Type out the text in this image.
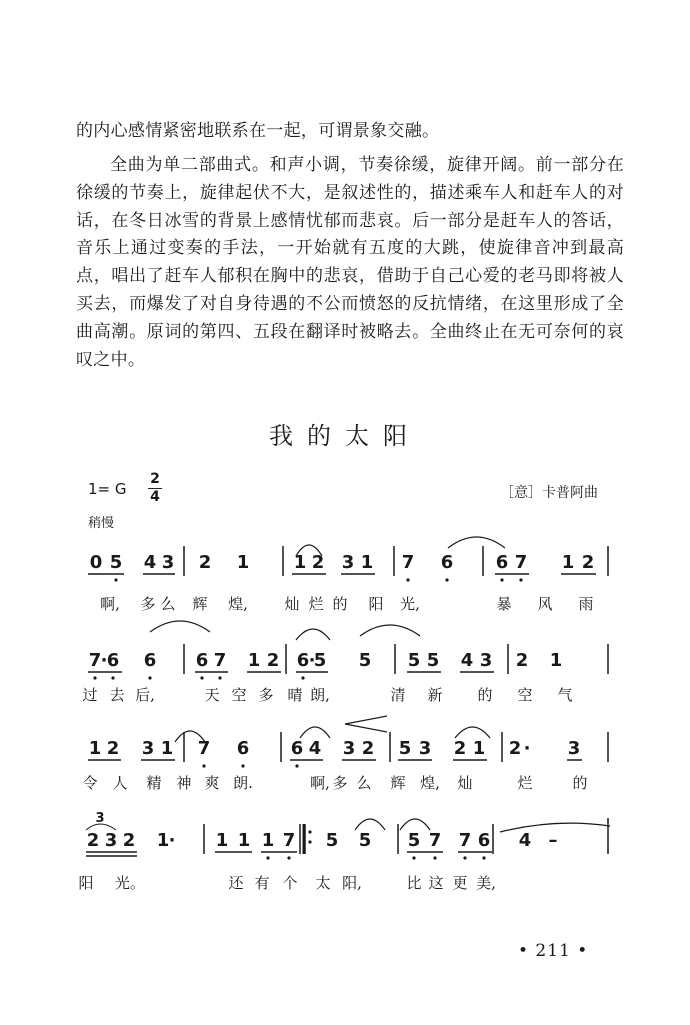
的内心感情紧密地联系在一起，可谓景象交融。

全曲为单二部曲式。和声小调，节奏徐缓，旋律开阔。前一部分在徐缓的节奏上，旋律起伏不大，是叙述性的，描述乘车人和赶车人的对话，在冬日冰雪的背景上感情忧郁而悲哀。后一部分是赶车人的答话，音乐上通过变奏的手法，一开始就有五度的大跳，使旋律音冲到最高点，唱出了赶车人郁积在胸中的悲哀，借助于自己心爱的老马即将被人买去，而爆发了对自身待遇的不公而愤怒的反抗情绪，在这里形成了全曲高潮。原词的第四、五段在翻译时被略去。全曲终止在无可奈何的哀叹之中。

我的太阳
1= G
2
4
稍慢
［意］卡普阿曲
0 5 4 3 2 1 1 2 3 1 7 6 6 7 1 2
啊, 多 么 辉 煌, 灿 烂 的 阳 光,	暴 风 雨
7 · 6 6 6 7 1 2 6 ·
5 5 5 5 4 3 2 1
过 去 后,	天 空 多 晴 朗,	清 新 的 空 气
1 2 3 1 7 6 6 4 3 2 5 3 2 1 2 · 3
令 人 精 神 爽 朗.	啊, 多 么 辉 煌, 灿	烂	的
2 3 2 1 · 1 1 1 7 5 5 5 7 7 6 4 –
阳 光。	还 有 个 太 阳,	比 这 更 美,
3
• 211 •
